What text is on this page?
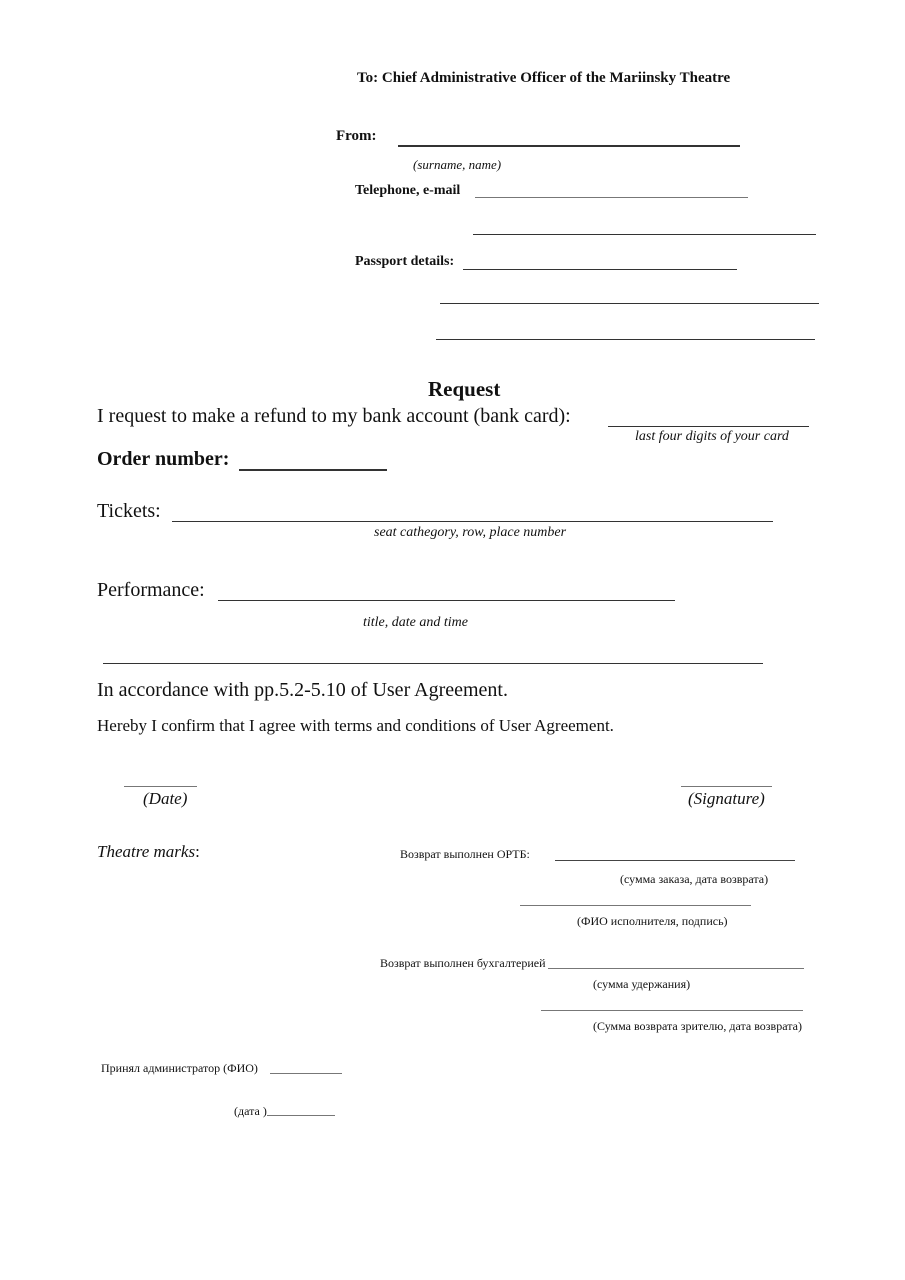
To: Chief Administrative Officer of the Mariinsky Theatre
From:
(surname, name)
Telephone, e-mail
Passport details:
Request
I request to make a refund to my bank account (bank card):
last four digits of your card
Order number:
Tickets:
seat cathegory, row, place number
Performance:
title, date and time
In accordance with pp.5.2-5.10 of User Agreement.
Hereby I confirm that I agree with terms and conditions of User Agreement.
(Date)	(Signature)
Theatre marks:	Возврат выполнен ОРТБ:
(сумма заказа, дата возврата)
(ФИО исполнителя, подпись)
Возврат выполнен бухгалтерией
(сумма удержания)
(Сумма возврата зрителю, дата возврата)
Принял администратор (ФИО)
(дата )
